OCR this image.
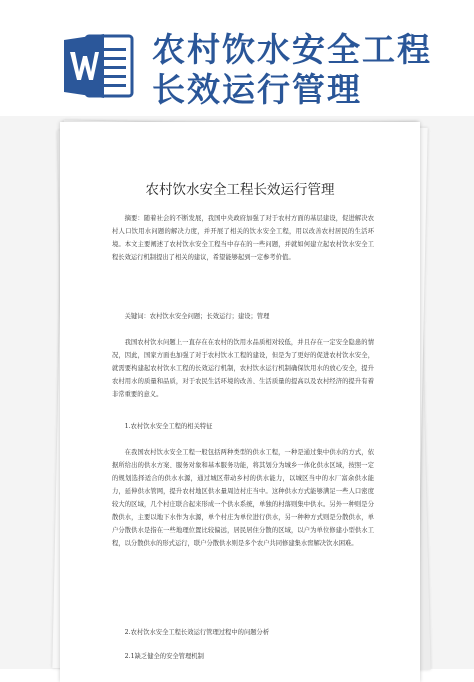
农村饮水安全工程
长效运行管理
农村饮水安全工程长效运行管理

摘要：随着社会的不断发展，我国中央政府加强了对于农村方面的基层建设，促进解决农村人口饮用水问题的解决力度，并开展了相关的饮水安全工程，用以改善农村居民的生活环境。本文主要阐述了农村饮水安全工程当中存在的一些问题，并就如何建立起农村饮水安全工程长效运行机制提出了相关的建议，希望能够起到一定参考价值。

关键词：农村饮水安全问题；长效运行；建设；管理

我国农村饮水问题上一直存在在农村的饮用水品质相对较低，并且存在一定安全隐患的情况，因此，国家方面也加强了对于农村饮水工程的建设，但是为了更好的促进农村饮水安全，就需要构建起农村饮水工程的长效运行机制，农村饮水运行机制确保饮用水的放心安全，提升农村用水的质量和品质，对于农民生活环境的改善、生活质量的提高以及农村经济的提升有着非常重要的意义。

1.农村饮水安全工程的相关特征

在我国农村饮水安全工程一般包括两种类型的供水工程，一种是通过集中供水的方式，依据所给出的供水方案、服务对象和基本服务功能，将其划分为城乡一体化供水区域，按照一定的规划选择适合的供水水源，通过城区带动乡村的供水能力，以城区当中的水厂富余供水能力，延伸供水管网，提升农村地区供水量周边村庄当中。这种供水方式能够满足一些人口密度较大的区域，几个村庄联合起来形成一个供水系统，单独的村落则集中供水。另外一种则是分散供水，主要以地下水作为水源，单个村庄为单位进行供水，另一种种方式则是分散供水，单户分散供水是指在一些地理位置比较偏远，居民居住分散的区域，以户为单位修建小型供水工程，以分散供水的形式运行，联户分散供水则是多个农户共同修建集水窖解决饮水困难。

2.农村饮水安全工程长效运行管理过程中的问题分析

2.1缺乏健全的安全管理机制
